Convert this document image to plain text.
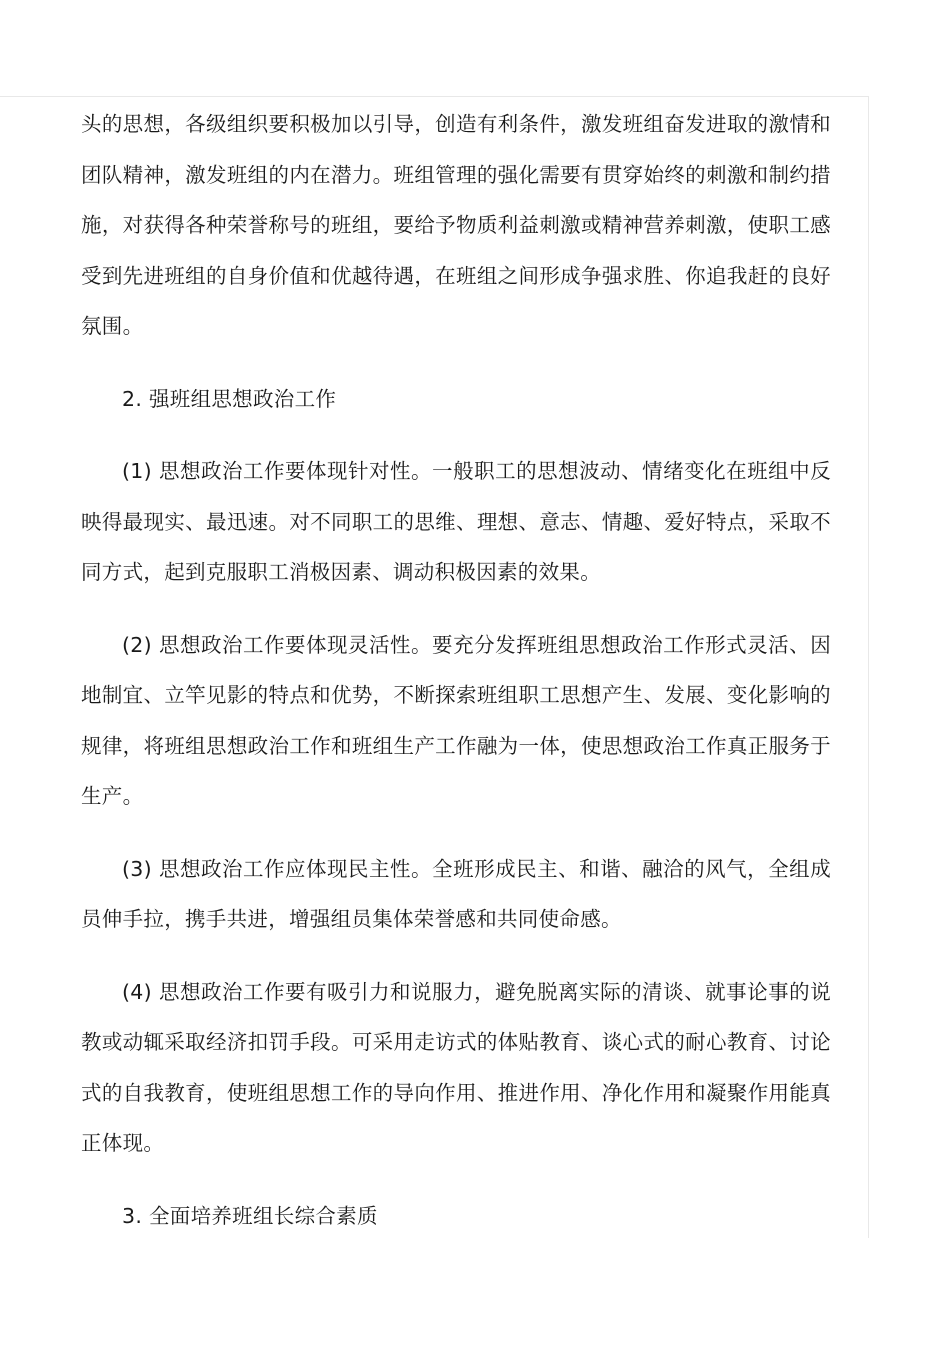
头的思想，各级组织要积极加以引导，创造有利条件，激发班组奋发进取的激情和团队精神，激发班组的内在潜力。班组管理的强化需要有贯穿始终的刺激和制约措施，对获得各种荣誉称号的班组，要给予物质利益刺激或精神营养刺激，使职工感受到先进班组的自身价值和优越待遇，在班组之间形成争强求胜、你追我赶的良好氛围。

2. 强班组思想政治工作

(1) 思想政治工作要体现针对性。一般职工的思想波动、情绪变化在班组中反映得最现实、最迅速。对不同职工的思维、理想、意志、情趣、爱好特点，采取不同方式，起到克服职工消极因素、调动积极因素的效果。

(2) 思想政治工作要体现灵活性。要充分发挥班组思想政治工作形式灵活、因地制宜、立竿见影的特点和优势，不断探索班组职工思想产生、发展、变化影响的规律，将班组思想政治工作和班组生产工作融为一体，使思想政治工作真正服务于生产。

(3) 思想政治工作应体现民主性。全班形成民主、和谐、融洽的风气，全组成员伸手拉，携手共进，增强组员集体荣誉感和共同使命感。

(4) 思想政治工作要有吸引力和说服力，避免脱离实际的清谈、就事论事的说教或动辄采取经济扣罚手段。可采用走访式的体贴教育、谈心式的耐心教育、讨论式的自我教育，使班组思想工作的导向作用、推进作用、净化作用和凝聚作用能真正体现。

3. 全面培养班组长综合素质
